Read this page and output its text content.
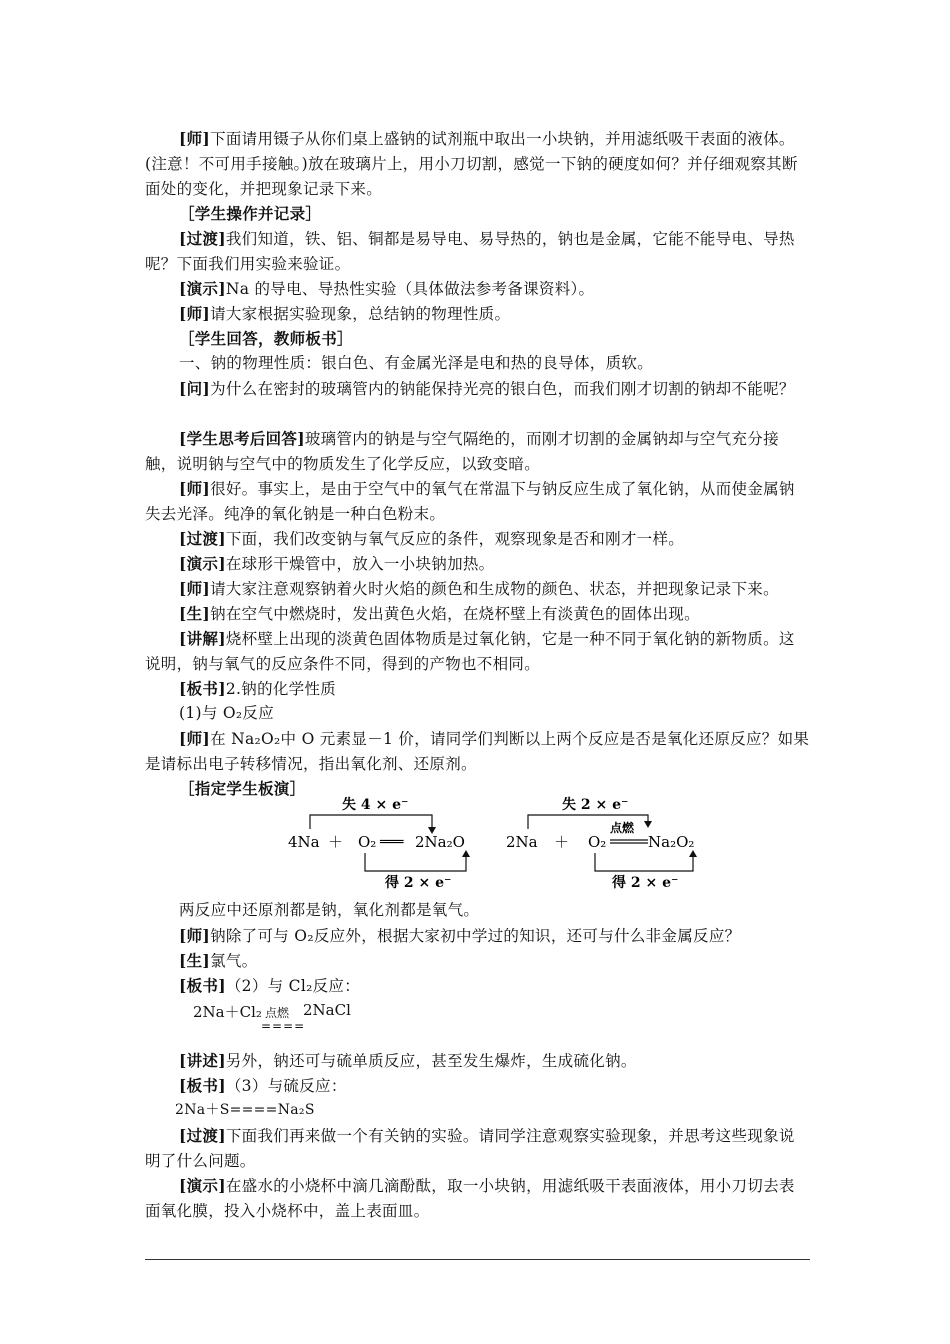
[师]下面请用镊子从你们桌上盛钠的试剂瓶中取出一小块钠，并用滤纸吸干表面的液体。(注意！不可用手接触。)放在玻璃片上，用小刀切割，感觉一下钠的硬度如何？并仔细观察其断面处的变化，并把现象记录下来。
［学生操作并记录］
[过渡]我们知道，铁、铝、铜都是易导电、易导热的，钠也是金属，它能不能导电、导热呢？下面我们用实验来验证。
[演示]Na 的导电、导热性实验（具体做法参考备课资料）。
[师]请大家根据实验现象，总结钠的物理性质。
［学生回答，教师板书］
一、钠的物理性质：银白色、有金属光泽是电和热的良导体，质软。
[问]为什么在密封的玻璃管内的钠能保持光亮的银白色，而我们刚才切割的钠却不能呢？
[学生思考后回答]玻璃管内的钠是与空气隔绝的，而刚才切割的金属钠却与空气充分接触，说明钠与空气中的物质发生了化学反应，以致变暗。
[师]很好。事实上，是由于空气中的氧气在常温下与钠反应生成了氧化钠，从而使金属钠失去光泽。纯净的氧化钠是一种白色粉末。
[过渡]下面，我们改变钠与氧气反应的条件，观察现象是否和刚才一样。
[演示]在球形干燥管中，放入一小块钠加热。
[师]请大家注意观察钠着火时火焰的颜色和生成物的颜色、状态，并把现象记录下来。
[生]钠在空气中燃烧时，发出黄色火焰，在烧杯壁上有淡黄色的固体出现。
[讲解]烧杯壁上出现的淡黄色固体物质是过氧化钠，它是一种不同于氧化钠的新物质。这说明，钠与氧气的反应条件不同，得到的产物也不相同。
[板书]2.钠的化学性质
(1)与 O₂反应
[师]在 Na₂O₂中 O 元素显－1 价，请同学们判断以上两个反应是否是氧化还原反应？如果是请标出电子转移情况，指出氧化剂、还原剂。
［指定学生板演］
失 4 × e⁻
4Na ＋ O₂ ═══ 2Na₂O
得 2 × e⁻
失 2 × e⁻
点燃
2Na ＋ O₂	Na₂O₂
得 2 × e⁻
两反应中还原剂都是钠，氧化剂都是氧气。
[师]钠除了可与 O₂反应外，根据大家初中学过的知识，还可与什么非金属反应？
[生]氯气。
[板书]（2）与 Cl₂反应：
2Na＋Cl₂ 点燃 2NaCl
====
[讲述]另外，钠还可与硫单质反应，甚至发生爆炸，生成硫化钠。
[板书]（3）与硫反应：
2Na＋S====Na₂S
[过渡]下面我们再来做一个有关钠的实验。请同学注意观察实验现象，并思考这些现象说明了什么问题。
[演示]在盛水的小烧杯中滴几滴酚酞，取一小块钠，用滤纸吸干表面液体，用小刀切去表面氧化膜，投入小烧杯中，盖上表面皿。
